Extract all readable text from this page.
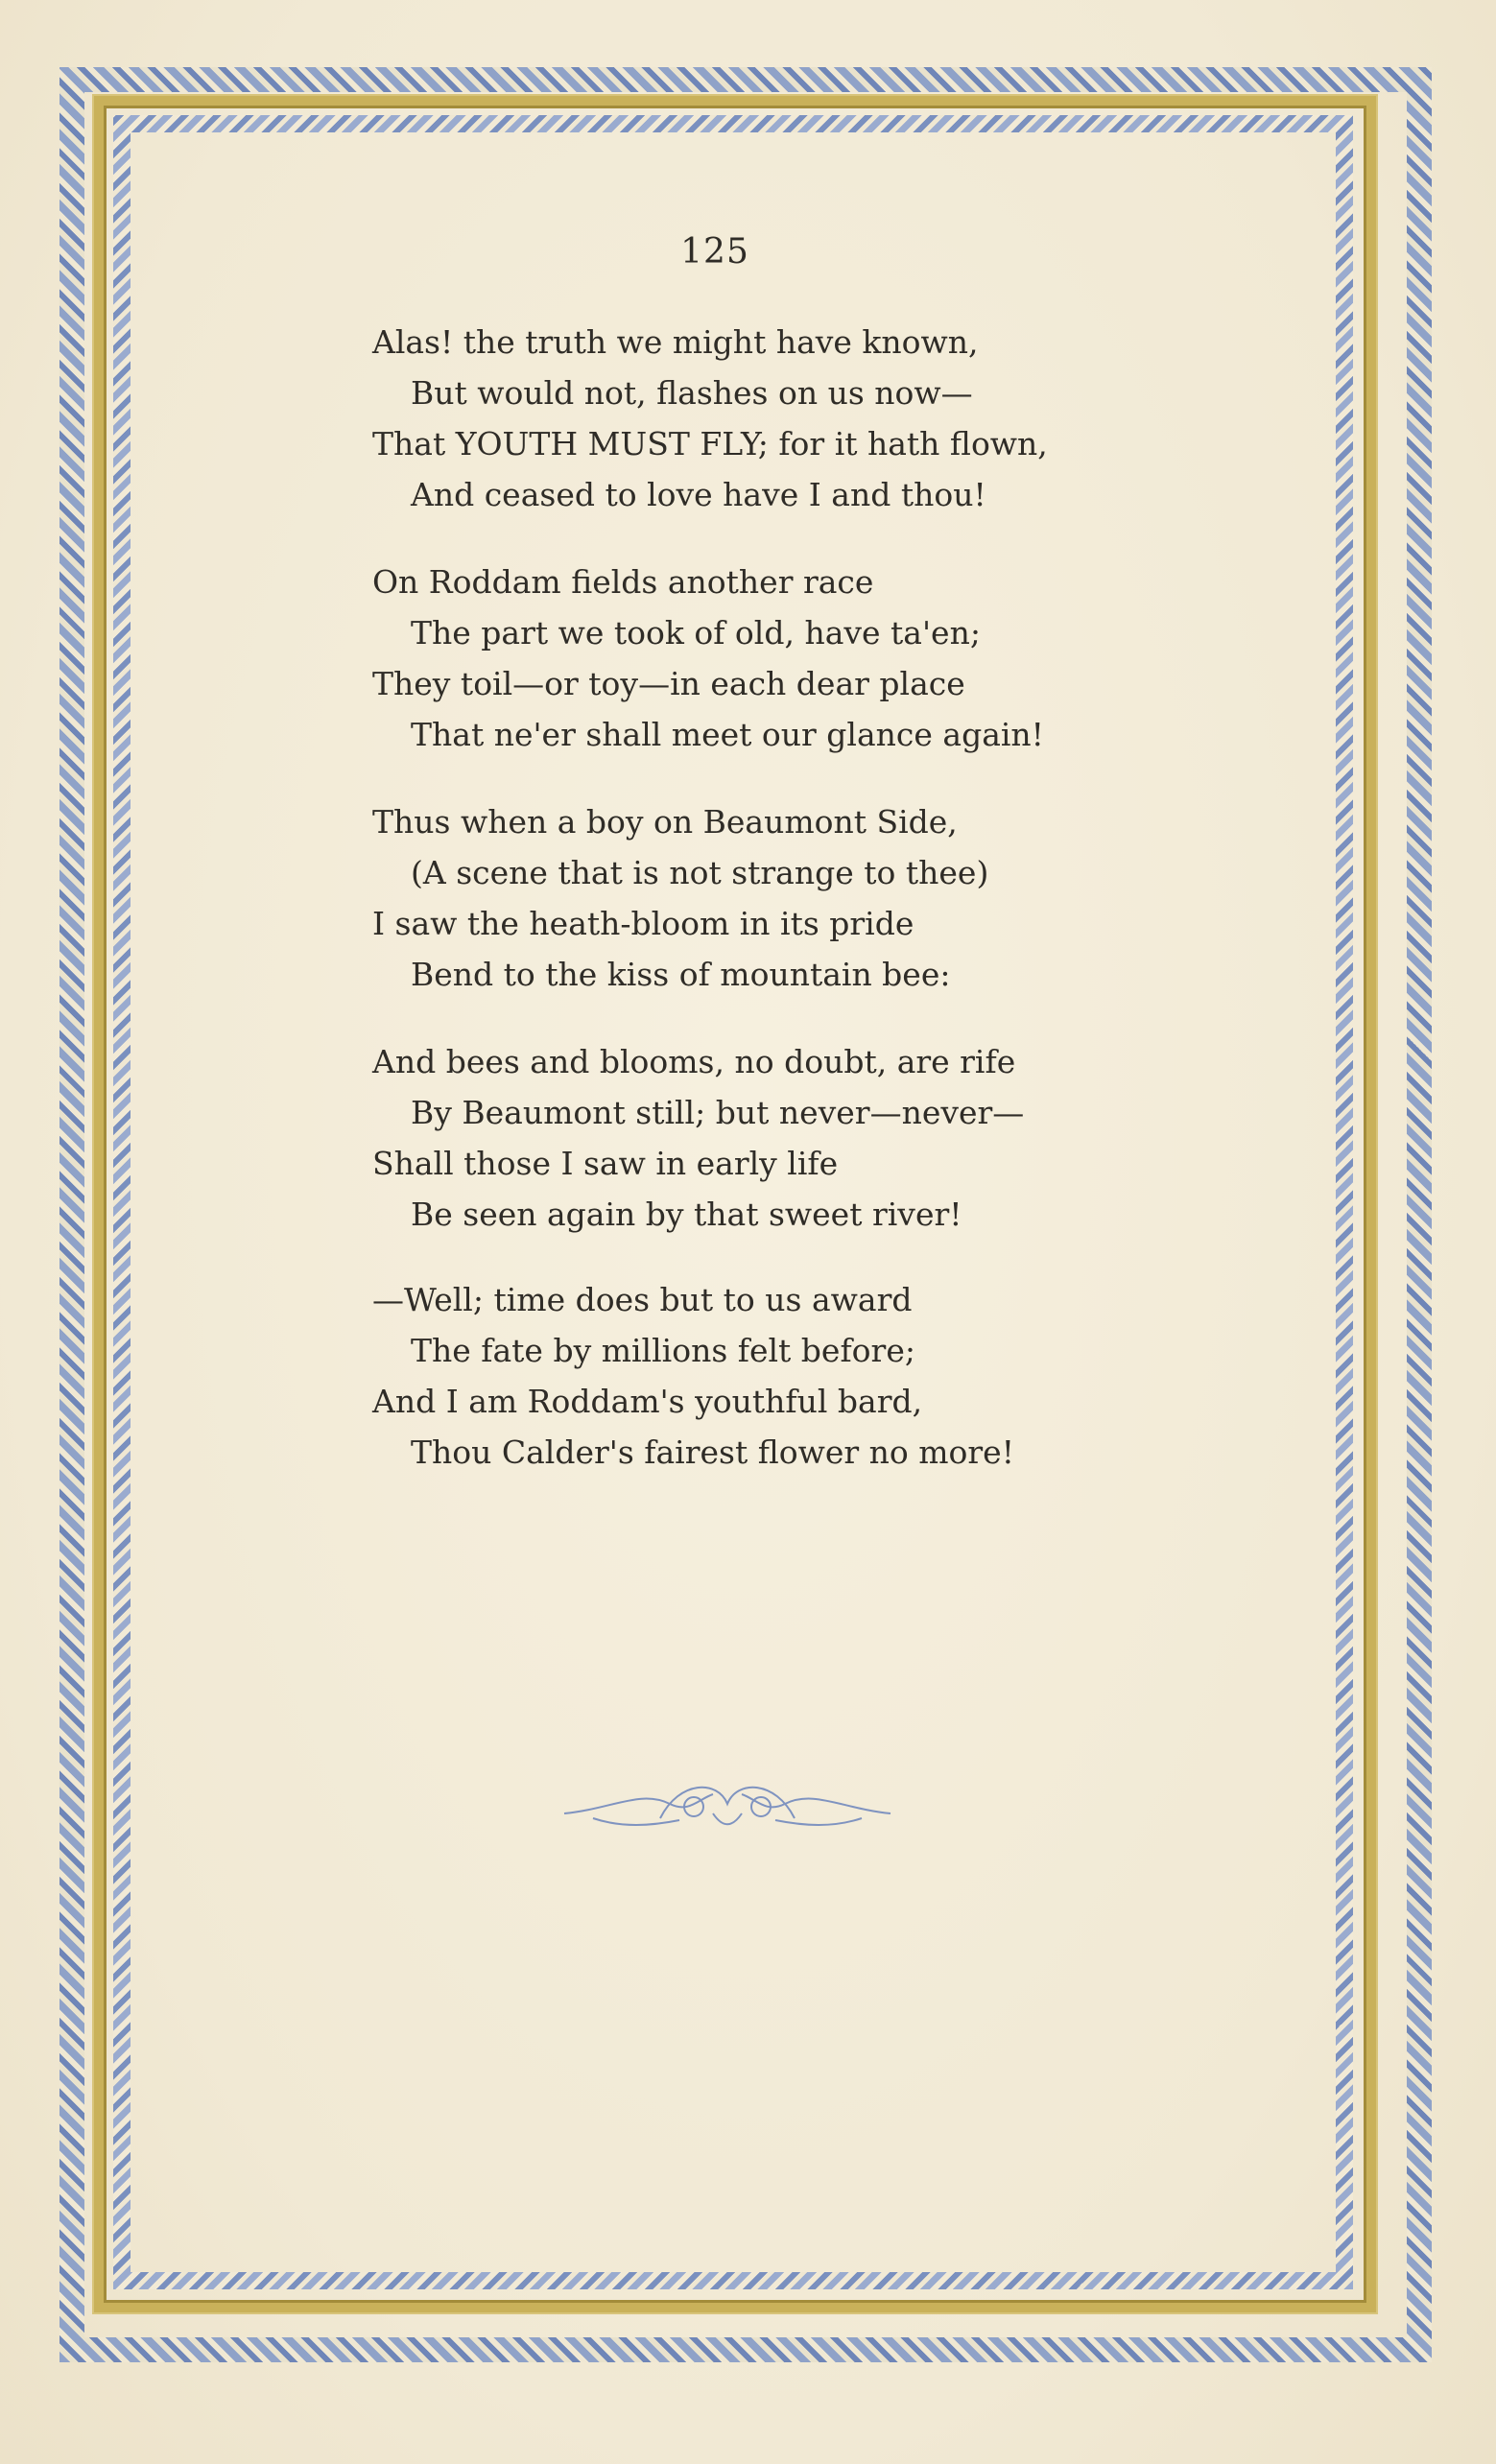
125
Alas! the truth we might have known,
But would not, flashes on us now—
That YOUTH MUST FLY; for it hath flown,
And ceased to love have I and thou!
On Roddam fields another race
The part we took of old, have ta'en;
They toil—or toy—in each dear place
That ne'er shall meet our glance again!
Thus when a boy on Beaumont Side,
(A scene that is not strange to thee)
I saw the heath-bloom in its pride
Bend to the kiss of mountain bee:
And bees and blooms, no doubt, are rife
By Beaumont still; but never—never—
Shall those I saw in early life
Be seen again by that sweet river!
—Well; time does but to us award
The fate by millions felt before;
And I am Roddam's youthful bard,
Thou Calder's fairest flower no more!
